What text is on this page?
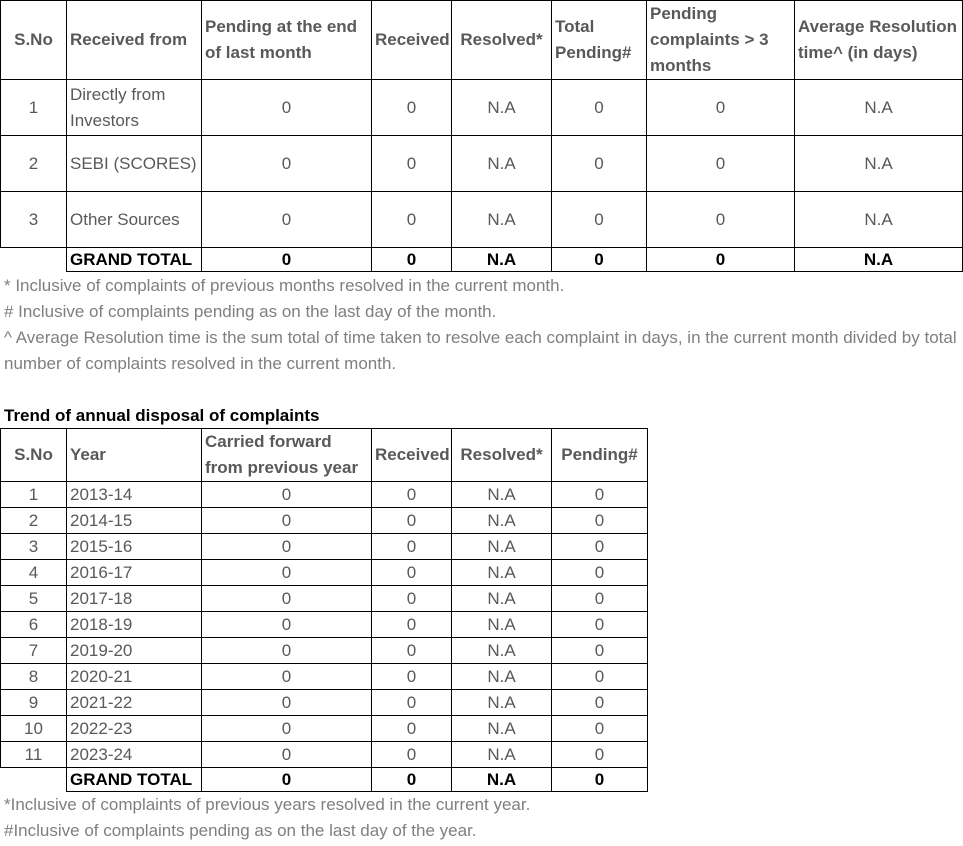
S.No	Received from	Pending at the end of last month	Received	Resolved*	Total Pending#	Pending complaints > 3 months	Average Resolution time^ (in days)
1	Directly from Investors	0	0	N.A	0	0	N.A
2	SEBI (SCORES)	0	0	N.A	0	0	N.A
3	Other Sources	0	0	N.A	0	0	N.A
	GRAND TOTAL	0	0	N.A	0	0	N.A

* Inclusive of complaints of previous months resolved in the current month.

# Inclusive of complaints pending as on the last day of the month.

^ Average Resolution time is the sum total of time taken to resolve each complaint in days, in the current month divided by total number of complaints resolved in the current month.

Trend of annual disposal of complaints
S.No	Year	Carried forward from previous year	Received	Resolved*	Pending#
1	2013-14	0	0	N.A	0
2	2014-15	0	0	N.A	0
3	2015-16	0	0	N.A	0
4	2016-17	0	0	N.A	0
5	2017-18	0	0	N.A	0
6	2018-19	0	0	N.A	0
7	2019-20	0	0	N.A	0
8	2020-21	0	0	N.A	0
9	2021-22	0	0	N.A	0
10	2022-23	0	0	N.A	0
11	2023-24	0	0	N.A	0
	GRAND TOTAL	0	0	N.A	0

*Inclusive of complaints of previous years resolved in the current year.

#Inclusive of complaints pending as on the last day of the year.
